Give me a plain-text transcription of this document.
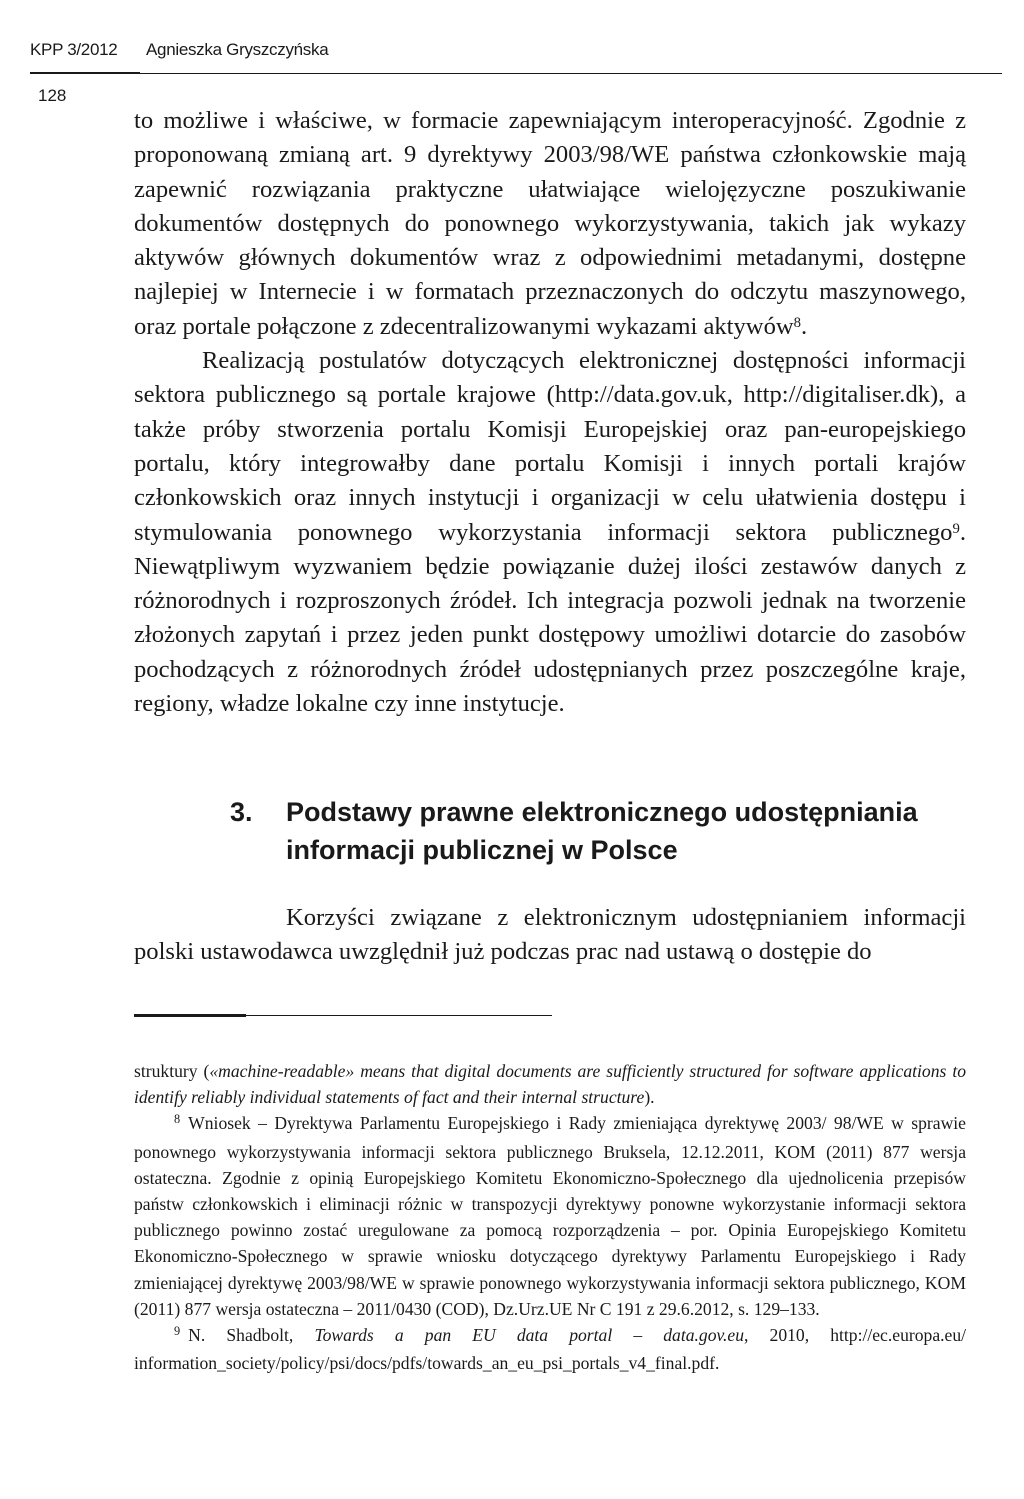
KPP 3/2012 Agnieszka Gryszczyńska
128

to możliwe i właściwe, w formacie zapewniającym interoperacyjność. Zgodnie z proponowaną zmianą art. 9 dyrektywy 2003/98/WE państwa członkowskie mają zapewnić rozwiązania praktyczne ułatwiające wielojęzyczne poszukiwanie dokumentów dostępnych do ponownego wykorzystywania, takich jak wykazy aktywów głównych dokumentów wraz z odpowiednimi metadanymi, dostępne najlepiej w Internecie i w formatach przeznaczonych do odczytu maszynowego, oraz portale połączone z zdecentralizowanymi wykazami aktywów$^8$.

Realizacją postulatów dotyczących elektronicznej dostępności informacji sektora publicznego są portale krajowe (http://data.gov.uk, http://digitaliser.dk), a także próby stworzenia portalu Komisji Europejskiej oraz pan-europejskiego portalu, który integrowałby dane portalu Komisji i innych portali krajów członkowskich oraz innych instytucji i organizacji w celu ułatwienia dostępu i stymulowania ponownego wykorzystania informacji sektora publicznego$^9$. Niewątpliwym wyzwaniem będzie powiązanie dużej ilości zestawów danych z różnorodnych i rozproszonych źródeł. Ich integracja pozwoli jednak na tworzenie złożonych zapytań i przez jeden punkt dostępowy umożliwi dotarcie do zasobów pochodzących z różnorodnych źródeł udostępnianych przez poszczególne kraje, regiony, władze lokalne czy inne instytucje.

3. Podstawy prawne elektronicznego udostępniania
informacji publicznej w Polsce

Korzyści związane z elektronicznym udostępnianiem informacji polski ustawodawca uwzględnił już podczas prac nad ustawą o dostępie do

struktury («machine-readable» means that digital documents are sufficiently structured for software applications to identify reliably individual statements of fact and their internal structure).

$^8$ Wniosek – Dyrektywa Parlamentu Europejskiego i Rady zmieniająca dyrektywę 2003/ 98/WE w sprawie ponownego wykorzystywania informacji sektora publicznego Bruksela, 12.12.2011, KOM (2011) 877 wersja ostateczna. Zgodnie z opinią Europejskiego Komitetu Ekonomiczno-Społecznego dla ujednolicenia przepisów państw członkowskich i eliminacji różnic w transpozycji dyrektywy ponowne wykorzystanie informacji sektora publicznego powinno zostać uregulowane za pomocą rozporządzenia – por. Opinia Europejskiego Komitetu Ekonomiczno-Społecznego w sprawie wniosku dotyczącego dyrektywy Parlamentu Europejskiego i Rady zmieniającej dyrektywę 2003/98/WE w sprawie ponownego wykorzystywania informacji sektora publicznego, KOM (2011) 877 wersja ostateczna – 2011/0430 (COD), Dz.Urz.UE Nr C 191 z 29.6.2012, s. 129–133.

$^9$ N. Shadbolt, Towards a pan EU data portal – data.gov.eu, 2010, http://ec.europa.eu/ information_society/policy/psi/docs/pdfs/towards_an_eu_psi_portals_v4_final.pdf.
